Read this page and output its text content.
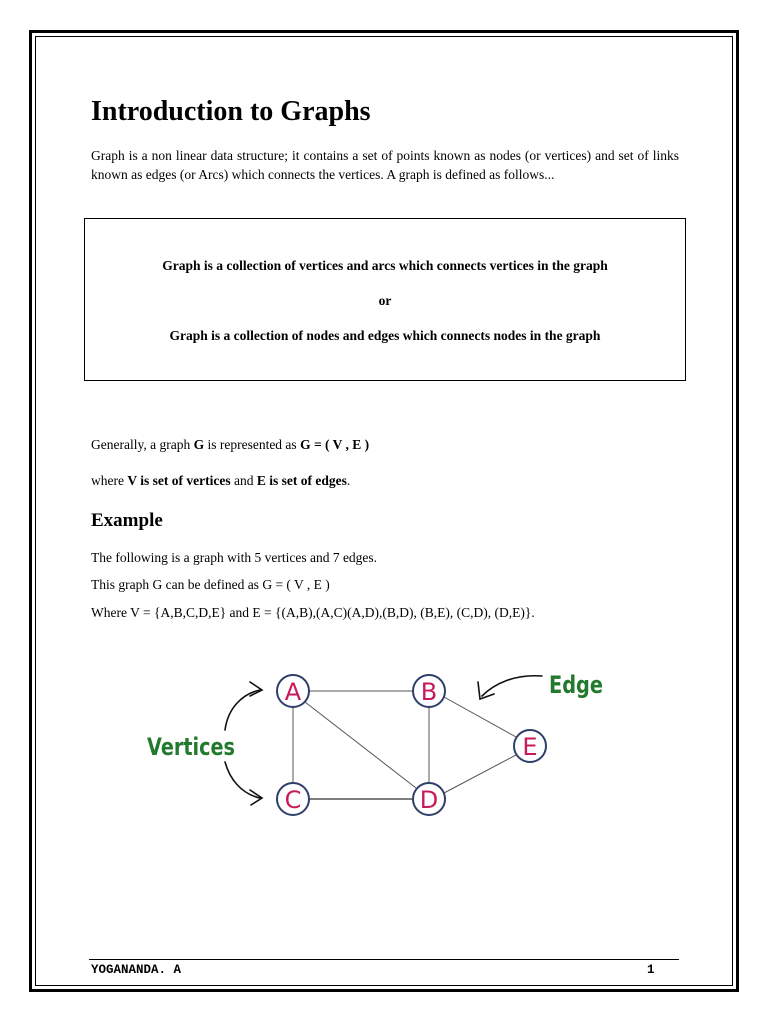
Introduction to Graphs

Graph is a non linear data structure; it contains a set of points known as nodes (or vertices) and set of links known as edges (or Arcs) which connects the vertices. A graph is defined as follows...

Graph is a collection of vertices and arcs which connects vertices in the graph

or

Graph is a collection of nodes and edges which connects nodes in the graph

Generally, a graph G is represented as G = ( V , E )

where V is set of vertices and E is set of edges.

Example

The following is a graph with 5 vertices and 7 edges.

This graph G can be defined as G = ( V , E )

Where V = {A,B,C,D,E} and E = {(A,B),(A,C)(A,D),(B,D), (B,E), (C,D), (D,E)}.

A	B
C	D
E
Vertices
Edge

YOGANANDA. A	1
